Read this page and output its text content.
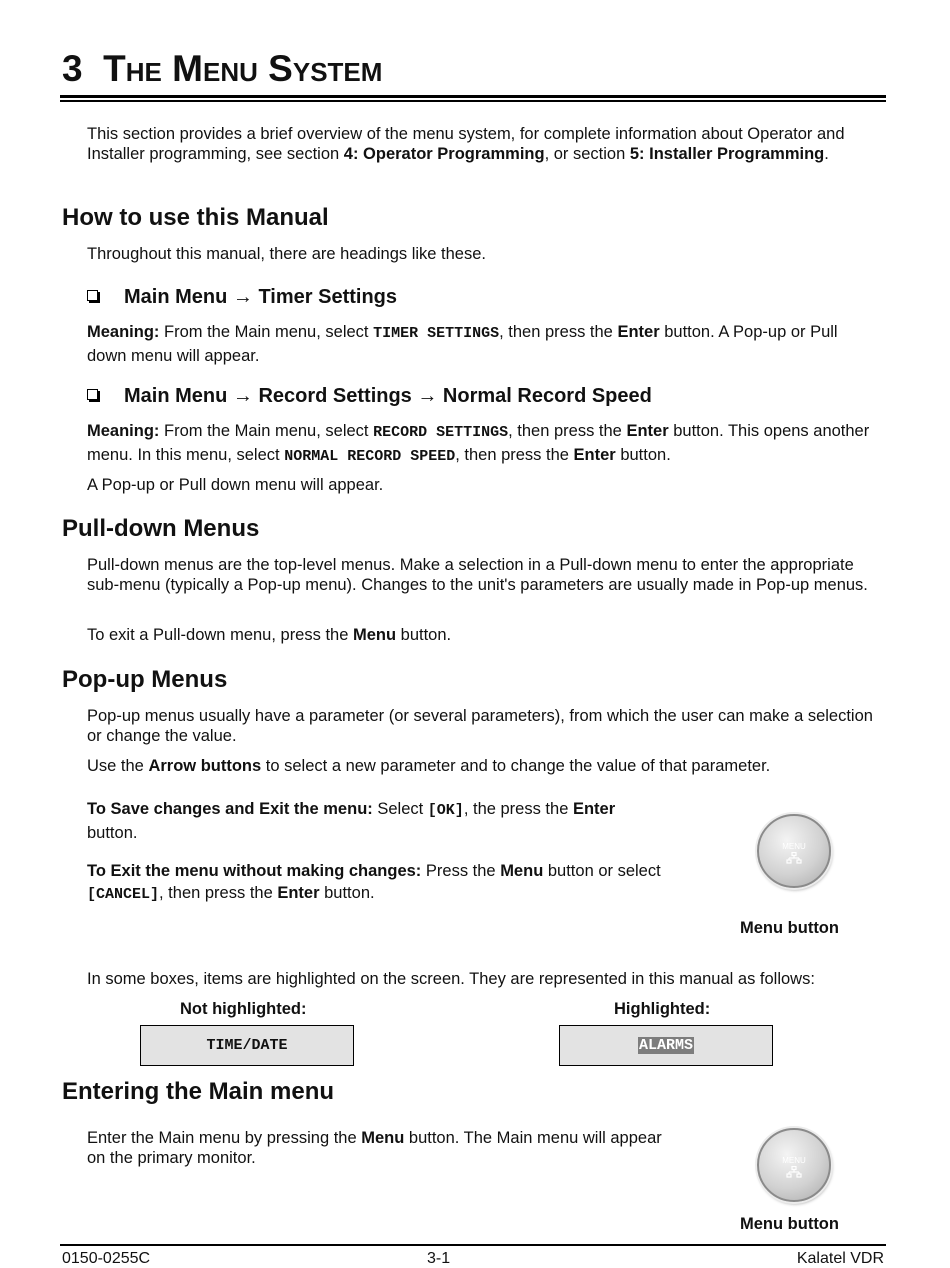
3 THE MENU SYSTEM
This section provides a brief overview of the menu system, for complete information about Operator and Installer programming, see section 4: Operator Programming, or section 5: Installer Programming.
How to use this Manual
Throughout this manual, there are headings like these.
Main Menu → Timer Settings
Meaning: From the Main menu, select TIMER SETTINGS, then press the Enter button. A Pop-up or Pull down menu will appear.
Main Menu → Record Settings → Normal Record Speed
Meaning: From the Main menu, select RECORD SETTINGS, then press the Enter button. This opens another menu. In this menu, select NORMAL RECORD SPEED, then press the Enter button.
A Pop-up or Pull down menu will appear.
Pull-down Menus
Pull-down menus are the top-level menus. Make a selection in a Pull-down menu to enter the appropriate sub-menu (typically a Pop-up menu). Changes to the unit's parameters are usually made in Pop-up menus.
To exit a Pull-down menu, press the Menu button.
Pop-up Menus
Pop-up menus usually have a parameter (or several parameters), from which the user can make a selection or change the value.
Use the Arrow buttons to select a new parameter and to change the value of that parameter.
To Save changes and Exit the menu: Select [OK], the press the Enter button.
To Exit the menu without making changes: Press the Menu button or select [CANCEL], then press the Enter button.
MENU
Menu button
In some boxes, items are highlighted on the screen. They are represented in this manual as follows:
Not highlighted:
TIME/DATE
Highlighted:
ALARMS
Entering the Main menu
Enter the Main menu by pressing the Menu button. The Main menu will appear on the primary monitor.	MENU
Menu button
0150-0255C	3-1	Kalatel VDR
